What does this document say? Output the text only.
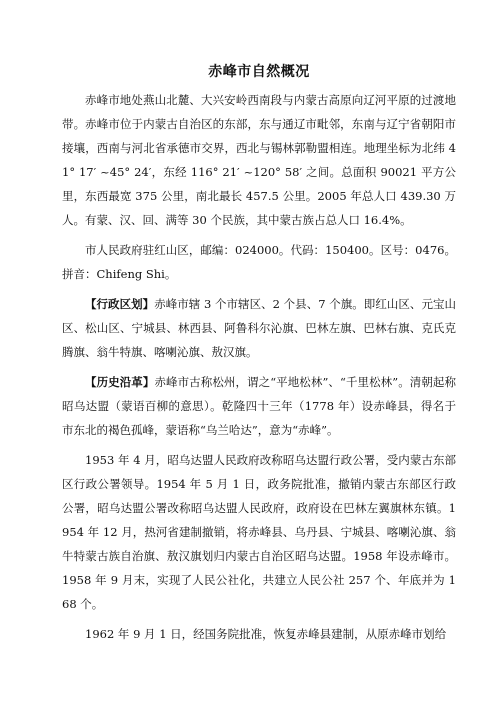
赤峰市自然概况

赤峰市地处燕山北麓、大兴安岭西南段与内蒙古高原向辽河平原的过渡地带。赤峰市位于内蒙古自治区的东部，东与通辽市毗邻，东南与辽宁省朝阳市接壤，西南与河北省承德市交界，西北与锡林郭勒盟相连。地理坐标为北纬 41° 17′ ~45° 24′，东经 116° 21′ ~120° 58′ 之间。总面积 90021 平方公里，东西最宽 375 公里，南北最长 457.5 公里。2005 年总人口 439.30 万人。有蒙、汉、回、满等 30 个民族，其中蒙古族占总人口 16.4%。

市人民政府驻红山区，邮编：024000。代码：150400。区号：0476。拼音：Chifeng Shi。

【行政区划】赤峰市辖 3 个市辖区、2 个县、7 个旗。即红山区、元宝山区、松山区、宁城县、林西县、阿鲁科尔沁旗、巴林左旗、巴林右旗、克氏克腾旗、翁牛特旗、喀喇沁旗、敖汉旗。

【历史沿革】赤峰市古称松州，谓之“平地松林”、“千里松林”。清朝起称昭乌达盟（蒙语百柳的意思）。乾隆四十三年（1778 年）设赤峰县，得名于市东北的褐色孤峰，蒙语称“乌兰哈达”，意为“赤峰”。

1953 年 4 月，昭乌达盟人民政府改称昭乌达盟行政公署，受内蒙古东部区行政公署领导。1954 年 5 月 1 日，政务院批准，撤销内蒙古东部区行政公署，昭乌达盟公署改称昭乌达盟人民政府，政府设在巴林左翼旗林东镇。1954 年 12 月，热河省建制撤销，将赤峰县、乌丹县、宁城县、喀喇沁旗、翁牛特蒙古族自治旗、敖汉旗划归内蒙古自治区昭乌达盟。1958 年设赤峰市。1958 年 9 月末，实现了人民公社化，共建立人民公社 257 个、年底并为 168 个。

1962 年 9 月 1 日，经国务院批准，恢复赤峰县建制，从原赤峰市划给
